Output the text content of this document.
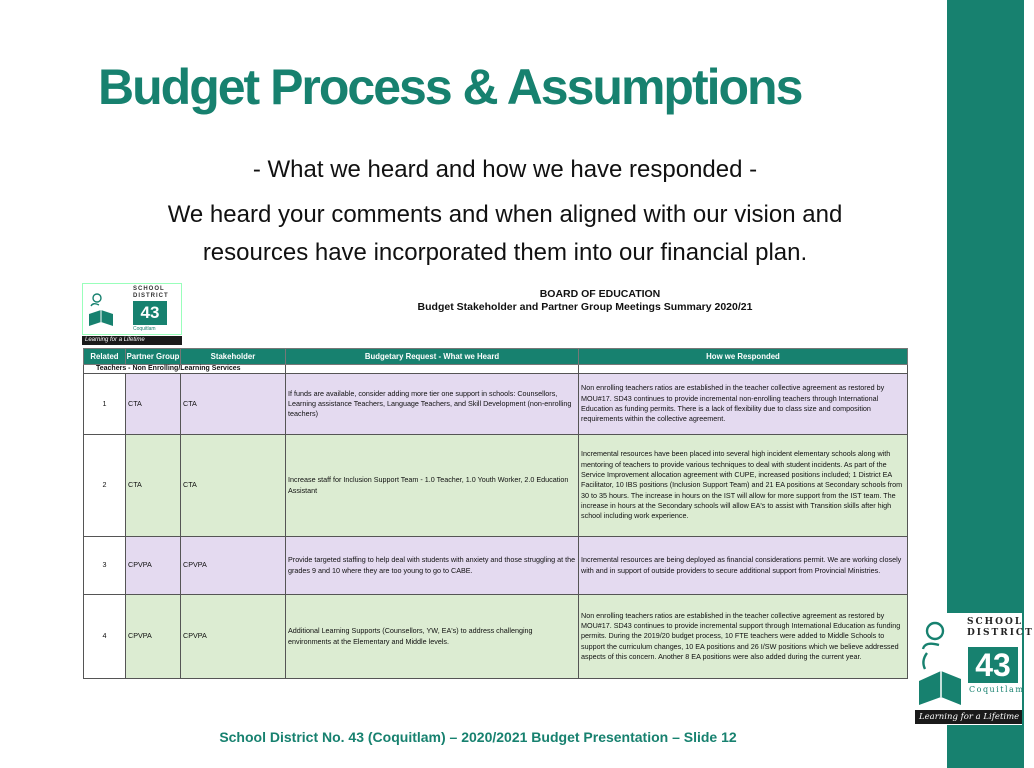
Budget Process & Assumptions
- What we heard and how we have responded -
We heard your comments and when aligned with our vision and
resources have incorporated them into our financial plan.
SCHOOL
DISTRICT
43
Coquitlam
Learning for a Lifetime
BOARD OF EDUCATION
Budget Stakeholder and Partner Group Meetings Summary 2020/21
Related	Partner Group	Stakeholder	Budgetary Request - What we Heard	How we Responded
Teachers - Non Enrolling/Learning Services				
1	CTA	CTA	If funds are available, consider adding more tier one support in schools: Counsellors, Learning assistance Teachers, Language Teachers, and Skill Development (non-enrolling teachers)	Non enrolling teachers ratios are established in the teacher collective agreement as restored by MOU#17. SD43 continues to provide incremental non-enrolling teachers through International Education as funding permits. There is a lack of flexibility due to class size and composition requirements within the collective agreement.
2	CTA	CTA	Increase staff for Inclusion Support Team - 1.0 Teacher, 1.0 Youth Worker, 2.0 Education Assistant	Incremental resources have been placed into several high incident elementary schools along with mentoring of teachers to provide various techniques to deal with student incidents. As part of the Service Improvement allocation agreement with CUPE, increased positions included; 1 District EA Facilitator, 10 IBS positions (Inclusion Support Team) and 21 EA positions at Secondary schools from 30 to 35 hours. The increase in hours on the IST will allow for more support from the IST team. The increase in hours at the Secondary schools will allow EA's to assist with Transition skills after high school including work experience.
3	CPVPA	CPVPA	Provide targeted staffing to help deal with students with anxiety and those struggling at the grades 9 and 10 where they are too young to go to CABE.	Incremental resources are being deployed as financial considerations permit. We are working closely with and in support of outside providers to secure additional support from Provincial Ministries.
4	CPVPA	CPVPA	Additional Learning Supports (Counsellors, YW, EA's) to address challenging environments at the Elementary and Middle levels.	Non enrolling teachers ratios are established in the teacher collective agreement as restored by MOU#17. SD43 continues to provide incremental support through International Education as funding permits. During the 2019/20 budget process, 10 FTE teachers were added to Middle Schools to support the curriculum changes, 10 EA positions and 26 I/SW positions which we believe addressed aspects of this concern. Another 8 EA positions were also added during the current year.
SCHOOL
DISTRICT
43
Coquitlam
Learning for a Lifetime
School District No. 43 (Coquitlam) – 2020/2021 Budget Presentation – Slide 12
